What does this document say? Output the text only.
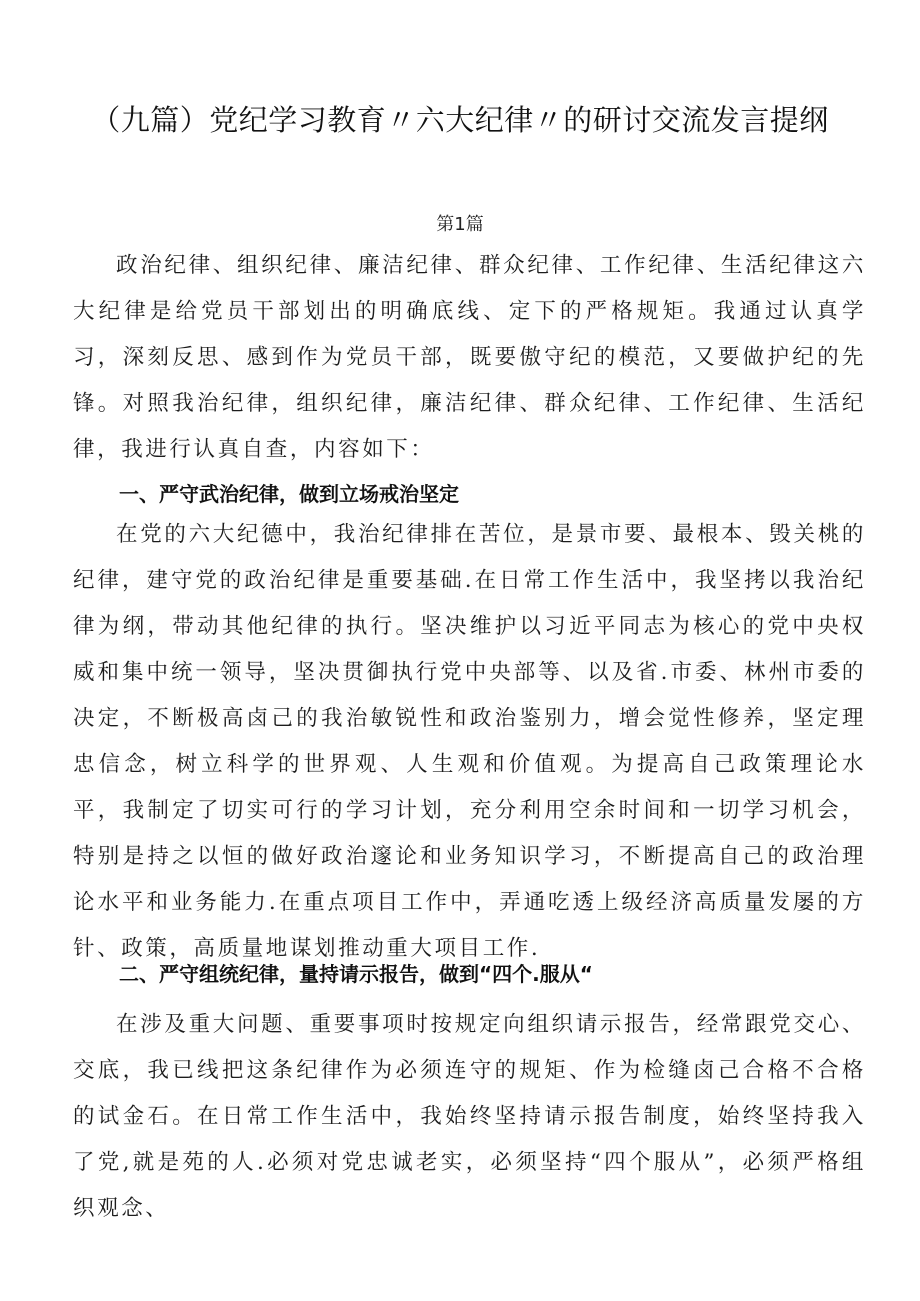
（九篇）党纪学习教育〃六大纪律〃的研讨交流发言提纲
第1篇

政治纪律、组织纪律、廉洁纪律、群众纪律、工作纪律、生活纪律这六大纪律是给党员干部划出的明确底线、定下的严格规矩。我通过认真学习，深刻反思、感到作为党员干部，既要傲守纪的模范，又要做护纪的先锋。对照我治纪律，组织纪律，廉洁纪律、群众纪律、工作纪律、生活纪律，我进行认真自查，内容如下：

一、严守武治纪律，做到立场戒治坚定

在党的六大纪德中，我治纪律排在苦位，是景市要、最根本、毁关桃的纪律，建守党的政治纪律是重要基础.在日常工作生活中，我坚拷以我治纪律为纲，带动其他纪律的执行。坚决维护以习近平同志为核心的党中央权威和集中统一领导，坚决贯御执行党中央部等、以及省.市委、林州市委的决定，不断极高卤己的我治敏锐性和政治鉴别力，增会觉性修养，坚定理忠信念，树立科学的世界观、人生观和价值观。为提高自己政策理论水平，我制定了切实可行的学习计划，充分利用空余时间和一切学习机会，特别是持之以恒的做好政治邃论和业务知识学习，不断提高自己的政治理论水平和业务能力.在重点项目工作中，弄通吃透上级经济高质量发屡的方针、政策，高质量地谋划推动重大项目工作.

二、严守组统纪律，量持请示报告，做到“四个.服从“

在涉及重大问题、重要事项时按规定向组织请示报告，经常跟党交心、交底，我已线把这条纪律作为必须连守的规矩、作为检缝卤己合格不合格的试金石。在日常工作生活中，我始终坚持请示报告制度，始终坚持我入了党,就是苑的人.必须对党忠诚老实，必须坚持“四个服从”，必须严格组织观念、
